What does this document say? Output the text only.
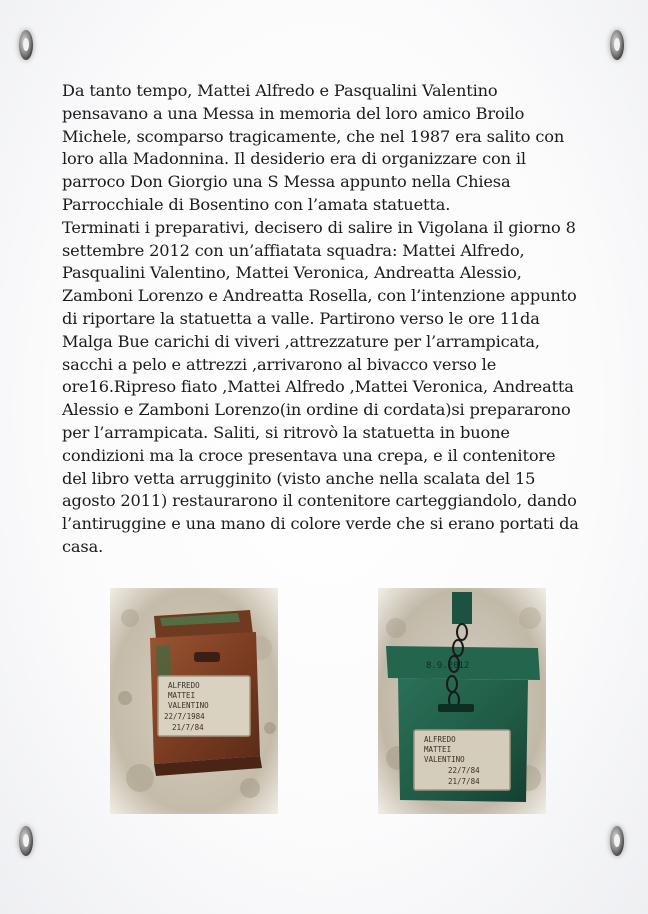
Da tanto tempo, Mattei Alfredo e Pasqualini Valentino pensavano a una Messa in memoria del loro amico Broilo Michele, scomparso tragicamente, che nel 1987 era salito con loro alla Madonnina. Il desiderio era di organizzare con il parroco Don Giorgio una S Messa appunto nella Chiesa Parrocchiale di Bosentino con l’amata statuetta.

Terminati i preparativi, decisero di salire in Vigolana il giorno 8 settembre 2012 con un’affiatata squadra: Mattei Alfredo, Pasqualini Valentino, Mattei Veronica, Andreatta Alessio, Zamboni Lorenzo e Andreatta Rosella, con l’intenzione appunto di riportare la statuetta a valle. Partirono verso le ore 11da Malga Bue carichi di viveri ,attrezzature per l’arrampicata, sacchi a pelo e attrezzi ,arrivarono al bivacco verso le ore16.Ripreso fiato ,Mattei Alfredo ,Mattei Veronica, Andreatta Alessio e Zamboni Lorenzo(in ordine di cordata)si prepararono per l’arrampicata. Saliti, si ritrovò la statuetta in buone condizioni ma la croce presentava una crepa, e il contenitore del libro vetta arrugginito (visto anche nella scalata del 15 agosto 2011) restaurarono il contenitore carteggiandolo, dando l’antiruggine e una mano di colore verde che si erano portati da casa.

ALFREDO
MATTEI
VALENTINO
22/7/1984
21/7/84
8.9.2012
ALFREDO
MATTEI
VALENTINO
22/7/84
21/7/84
